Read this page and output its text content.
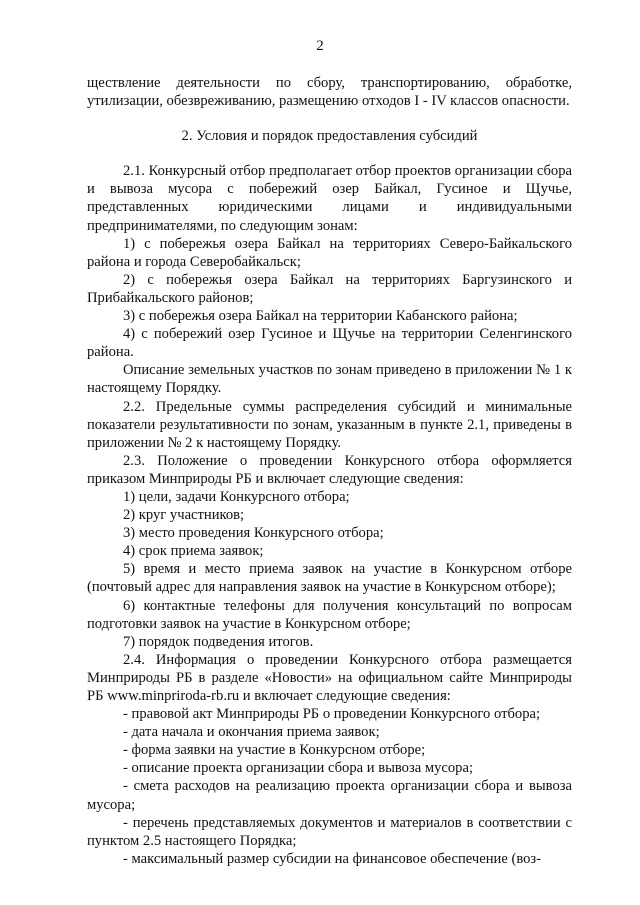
2

ществление деятельности по сбору, транспортированию, обработке, утилизации, обезвреживанию, размещению отходов I - IV классов опасности.

2. Условия и порядок предоставления субсидий

2.1. Конкурсный отбор предполагает отбор проектов организации сбора и вывоза мусора с побережий озер Байкал, Гусиное и Щучье, представленных юридическими лицами и индивидуальными предпринимателями, по следующим зонам:

1) с побережья озера Байкал на территориях Северо-Байкальского района и города Северобайкальск;

2) с побережья озера Байкал на территориях Баргузинского и Прибайкальского районов;

3) с побережья озера Байкал на территории Кабанского района;

4) с побережий озер Гусиное и Щучье на территории Селенгинского района.

Описание земельных участков по зонам приведено в приложении № 1 к настоящему Порядку.

2.2. Предельные суммы распределения субсидий и минимальные показатели результативности по зонам, указанным в пункте 2.1, приведены в приложении № 2 к настоящему Порядку.

2.3. Положение о проведении Конкурсного отбора оформляется приказом Минприроды РБ и включает следующие сведения:

1) цели, задачи Конкурсного отбора;

2) круг участников;

3) место проведения Конкурсного отбора;

4) срок приема заявок;

5) время и место приема заявок на участие в Конкурсном отборе (почтовый адрес для направления заявок на участие в Конкурсном отборе);

6) контактные телефоны для получения консультаций по вопросам подготовки заявок на участие в Конкурсном отборе;

7) порядок подведения итогов.

2.4. Информация о проведении Конкурсного отбора размещается Минприроды РБ в разделе «Новости» на официальном сайте Минприроды РБ www.minpriroda-rb.ru и включает следующие сведения:

- правовой акт Минприроды РБ о проведении Конкурсного отбора;

- дата начала и окончания приема заявок;

- форма заявки на участие в Конкурсном отборе;

- описание проекта организации сбора и вывоза мусора;

- смета расходов на реализацию проекта организации сбора и вывоза мусора;

- перечень представляемых документов и материалов в соответствии с пунктом 2.5 настоящего Порядка;

- максимальный размер субсидии на финансовое обеспечение (воз-
